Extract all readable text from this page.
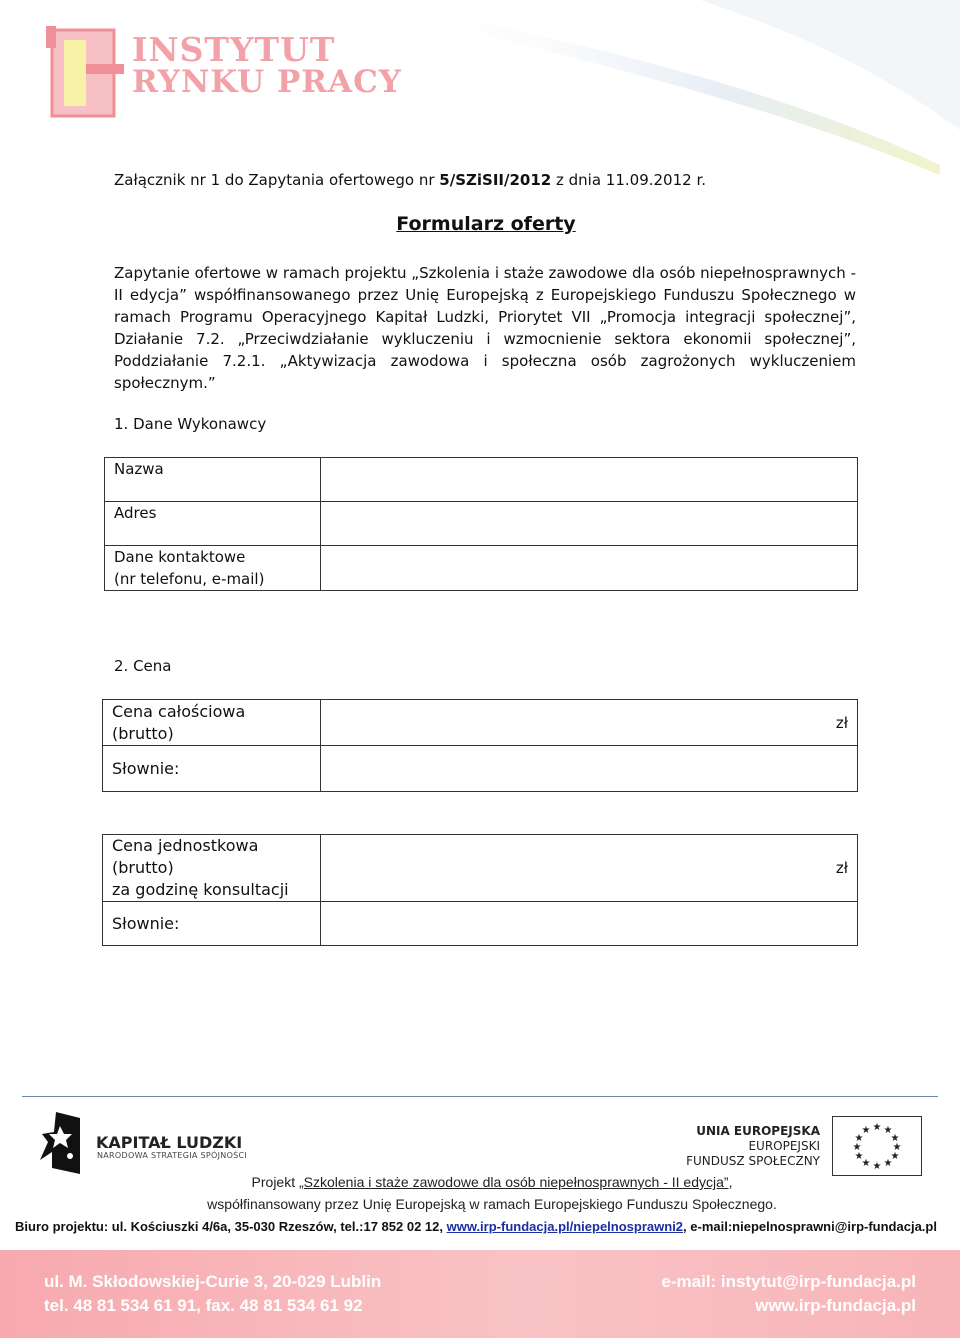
INSTYTUT
RYNKU PRACY
Załącznik nr 1 do Zapytania ofertowego nr 5/SZiSII/2012 z dnia 11.09.2012 r.
Formularz oferty

Zapytanie ofertowe w ramach projektu „Szkolenia i staże zawodowe dla osób niepełnosprawnych - II edycja” współfinansowanego przez Unię Europejską z Europejskiego Funduszu Społecznego w ramach Programu Operacyjnego Kapitał Ludzki, Priorytet VII „Promocja integracji społecznej”, Działanie 7.2. „Przeciwdziałanie wykluczeniu i wzmocnienie sektora ekonomii społecznej”, Poddziałanie 7.2.1. „Aktywizacja zawodowa i społeczna osób zagrożonych wykluczeniem społecznym.”

1. Dane Wykonawcy
Nazwa	
Adres	
Dane kontaktowe
(nr telefonu, e-mail)	
2. Cena
Cena całościowa (brutto)	zł
Słownie:	
Cena jednostkowa (brutto)
za godzinę konsultacji	zł
Słownie:	
KAPITAŁ LUDZKI
NARODOWA STRATEGIA SPÓJNOŚCI
UNIA EUROPEJSKA
EUROPEJSKI
FUNDUSZ SPOŁECZNY
★ ★
★
★
★
★
★
★
★
★
★
★
Projekt „Szkolenia i staże zawodowe dla osób niepełnosprawnych - II edycja”,
współfinansowany przez Unię Europejską w ramach Europejskiego Funduszu Społecznego.
Biuro projektu: ul. Kościuszki 4/6a, 35-030 Rzeszów, tel.:17 852 02 12, www.irp-fundacja.pl/niepelnosprawni2, e-mail:niepelnosprawni@irp-fundacja.pl
ul. M. Skłodowskiej-Curie 3, 20-029 Lublin
tel. 48 81 534 61 91, fax. 48 81 534 61 92
e-mail: instytut@irp-fundacja.pl
www.irp-fundacja.pl
